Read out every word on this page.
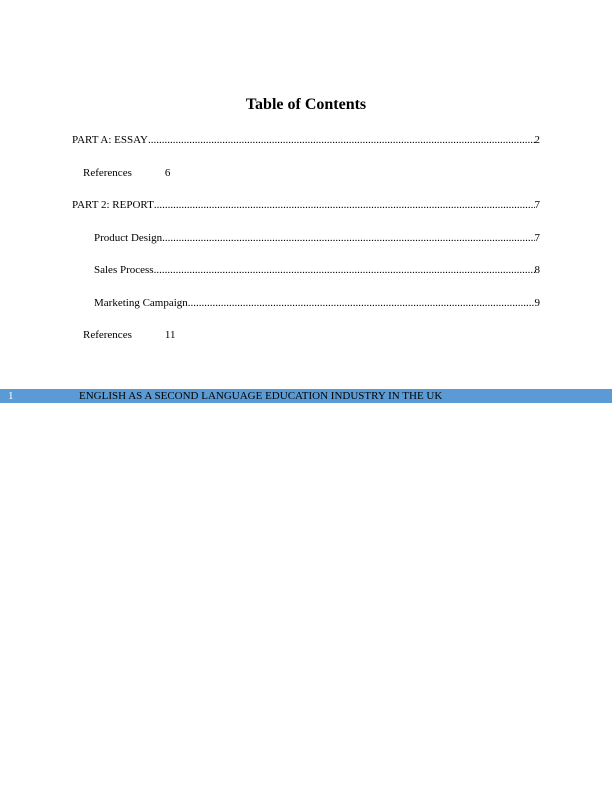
Table of Contents
PART A: ESSAY .....	2
References	6
PART 2: REPORT .....	7
Product Design .....	7
Sales Process .....	8
Marketing Campaign .....	9
References	11
1	ENGLISH AS A SECOND LANGUAGE EDUCATION INDUSTRY IN THE UK
